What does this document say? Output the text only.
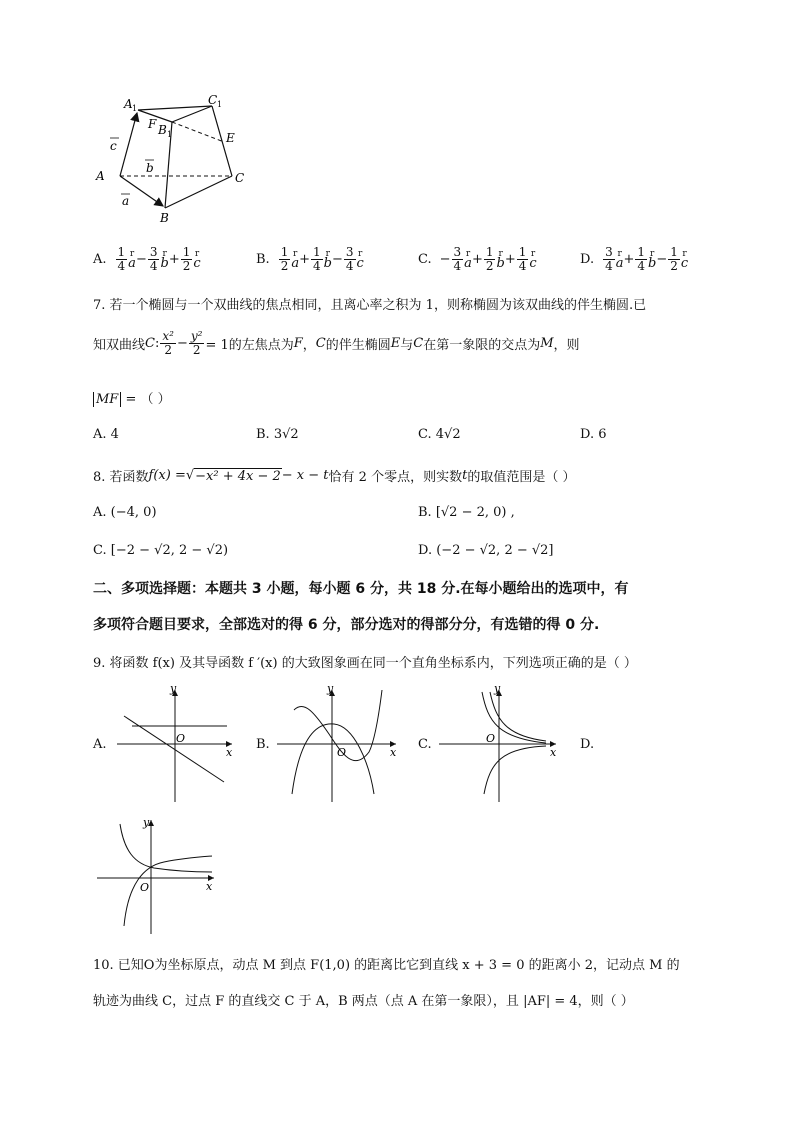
A 1
C 1
F B 1	E
A	C
B
c
b
a
A. $\frac{1}{4}$ r
$a - \frac{3}{4}$ r
$b + \frac{1}{2}$ r
c	B. $\frac{1}{2}$ r
$a + \frac{1}{4}$ r
$b - \frac{3}{4}$ r
c	C. − $\frac{3}{4}$ r
$a + \frac{1}{2}$ r
$b + \frac{1}{4}$ r
c	D. $\frac{3}{4}$ r
$a + \frac{1}{4}$ r
$b - \frac{1}{2}$ r
c
7. 若一个椭圆与一个双曲线的焦点相同，且离心率之积为 1，则称椭圆为该双曲线的伴生椭圆.已
知双曲线 C : $\frac{\text{x²}}{2} - \frac{\text{y²}}{2} = 1$的左焦点为 F ， C 的伴生椭圆 E 与 C 在第一象限的交点为 M ，则
MF = （ ）
A. 4	B. 3√2	C. 4√2	D. 6
8. 若函数 f(x) = √ −x² + 4x − 2 − x − t 恰有 2 个零点，则实数 t 的取值范围是（ ）
A. (−4, 0)	B. [√2 − 2, 0) ,
C. [−2 − √2, 2 − √2)	D. (−2 − √2, 2 − √2]
二、多项选择题：本题共 3 小题，每小题 6 分，共 18 分.在每小题给出的选项中，有
多项符合题目要求，全部选对的得 6 分，部分选对的得部分分，有选错的得 0 分.
9. 将函数 f(x) 及其导函数 f ′(x) 的大致图象画在同一个直角坐标系内，下列选项正确的是（ ）
A.
y
x
O	B.
y
x
O
C.
y
x
O	D.
y
x
O
10. 已知O为坐标原点，动点 M 到点 F(1,0) 的距离比它到直线 x + 3 = 0 的距离小 2，记动点 M 的
轨迹为曲线 C，过点 F 的直线交 C 于 A，B 两点（点 A 在第一象限），且 |AF| = 4，则（ ）
